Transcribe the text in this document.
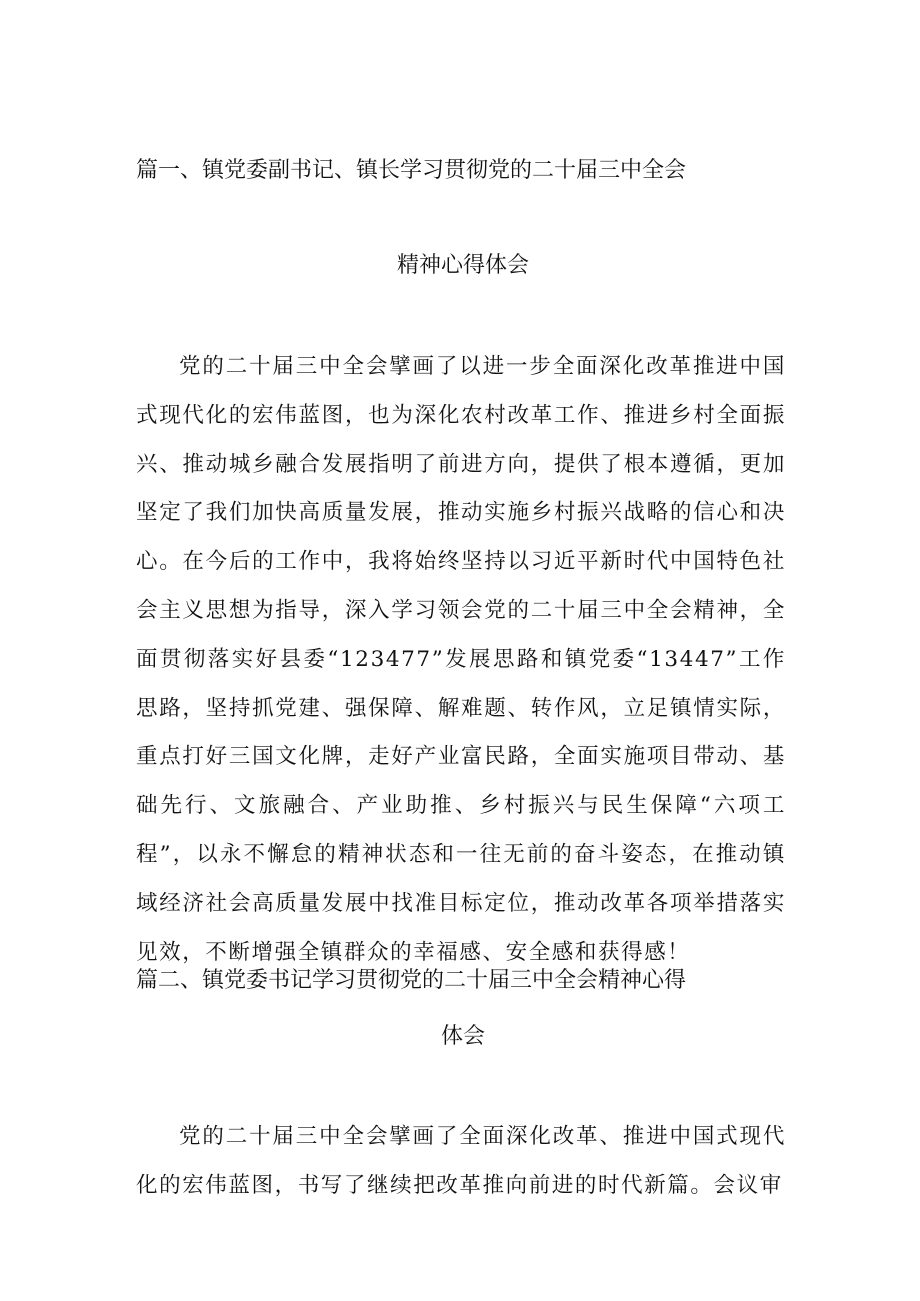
篇一、镇党委副书记、镇长学习贯彻党的二十届三中全会
精神心得体会

党的二十届三中全会擘画了以进一步全面深化改革推进中国式现代化的宏伟蓝图，也为深化农村改革工作、推进乡村全面振兴、推动城乡融合发展指明了前进方向，提供了根本遵循，更加坚定了我们加快高质量发展，推动实施乡村振兴战略的信心和决心。在今后的工作中，我将始终坚持以习近平新时代中国特色社会主义思想为指导，深入学习领会党的二十届三中全会精神，全面贯彻落实好县委“123477”发展思路和镇党委“13447”工作思路，坚持抓党建、强保障、解难题、转作风，立足镇情实际，重点打好三国文化牌，走好产业富民路，全面实施项目带动、基础先行、文旅融合、产业助推、乡村振兴与民生保障“六项工程”，以永不懈怠的精神状态和一往无前的奋斗姿态，在推动镇域经济社会高质量发展中找准目标定位，推动改革各项举措落实见效，不断增强全镇群众的幸福感、安全感和获得感！

篇二、镇党委书记学习贯彻党的二十届三中全会精神心得
体会

党的二十届三中全会擘画了全面深化改革、推进中国式现代化的宏伟蓝图，书写了继续把改革推向前进的时代新篇。会议审
